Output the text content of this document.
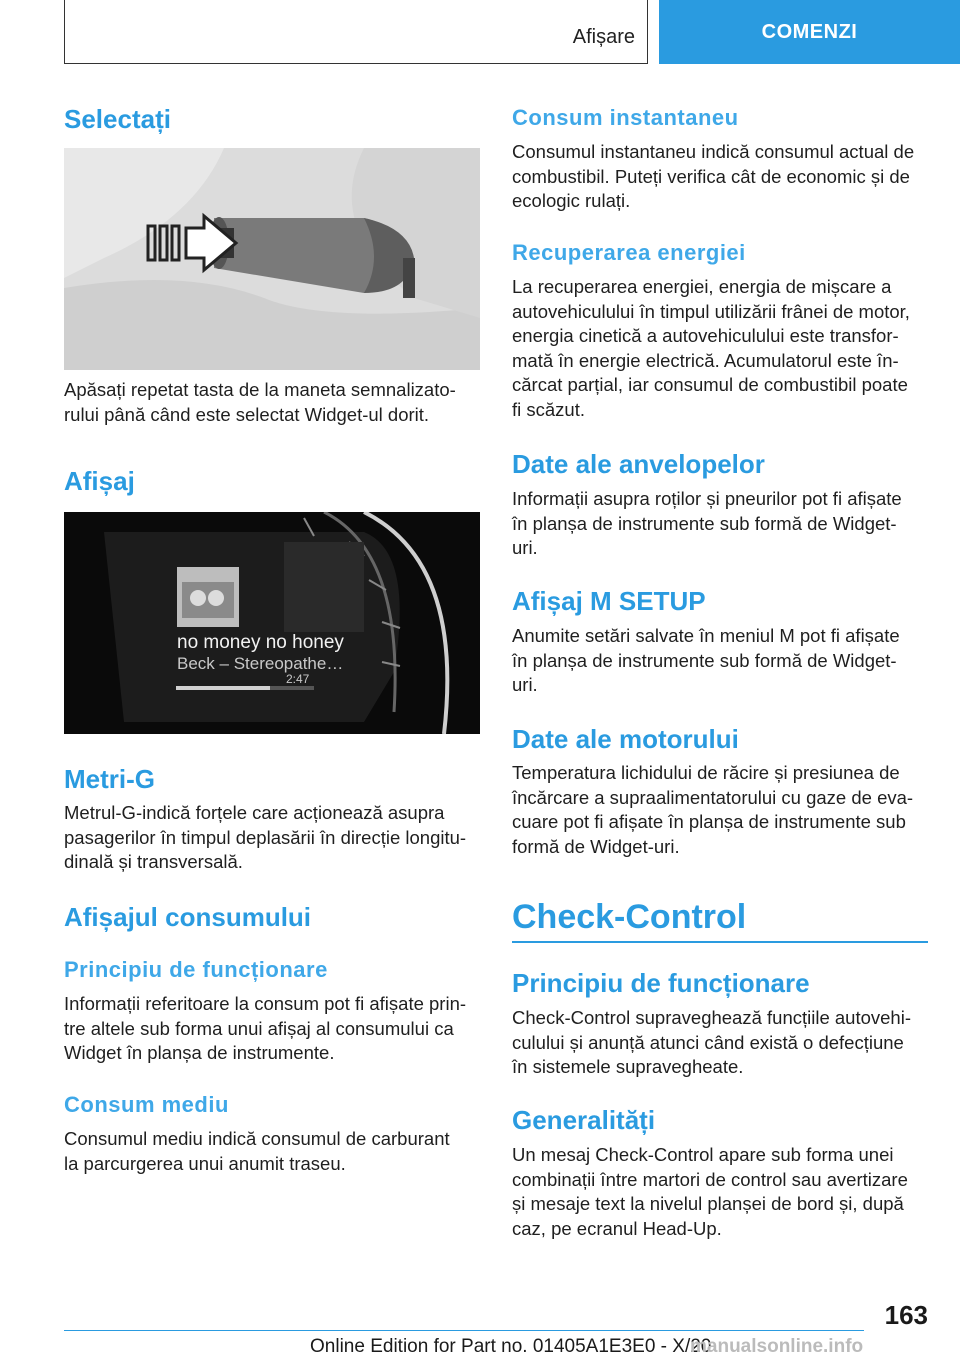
Afișare	COMENZI
Selectați

Apăsați repetat tasta de la maneta semnalizato-
rului până când este selectat Widget-ul dorit.

Afișaj
no money no honey
Beck – Stereopathe…
2:47
Metri-G

Metrul-G-indică forțele care acționează asupra
pasagerilor în timpul deplasării în direcție longitu-
dinală și transversală.

Afișajul consumului
Principiu de funcționare

Informații referitoare la consum pot fi afișate prin-
tre altele sub forma unui afișaj al consumului ca
Widget în planșa de instrumente.

Consum mediu

Consumul mediu indică consumul de carburant
la parcurgerea unui anumit traseu.

Consum instantaneu

Consumul instantaneu indică consumul actual de
combustibil. Puteți verifica cât de economic și de
ecologic rulați.

Recuperarea energiei

La recuperarea energiei, energia de mișcare a
autovehiculului în timpul utilizării frânei de motor,
energia cinetică a autovehiculului este transfor-
mată în energie electrică. Acumulatorul este în-
cărcat parțial, iar consumul de combustibil poate
fi scăzut.

Date ale anvelopelor

Informații asupra roților și pneurilor pot fi afișate
în planșa de instrumente sub formă de Widget-
uri.

Afișaj M SETUP

Anumite setări salvate în meniul M pot fi afișate
în planșa de instrumente sub formă de Widget-
uri.

Date ale motorului

Temperatura lichidului de răcire și presiunea de
încărcare a supraalimentatorului cu gaze de eva-
cuare pot fi afișate în planșa de instrumente sub
formă de Widget-uri.

Check-Control
Principiu de funcționare

Check-Control supraveghează funcțiile autovehi-
culului și anunță atunci când există o defecțiune
în sistemele supravegheate.

Generalități

Un mesaj Check-Control apare sub forma unei
combinații între martori de control sau avertizare
și mesaje text la nivelul planșei de bord și, după
caz, pe ecranul Head-Up.

163
Online Edition for Part no. 01405A1E3E0 - X/20
manualsonline.info
